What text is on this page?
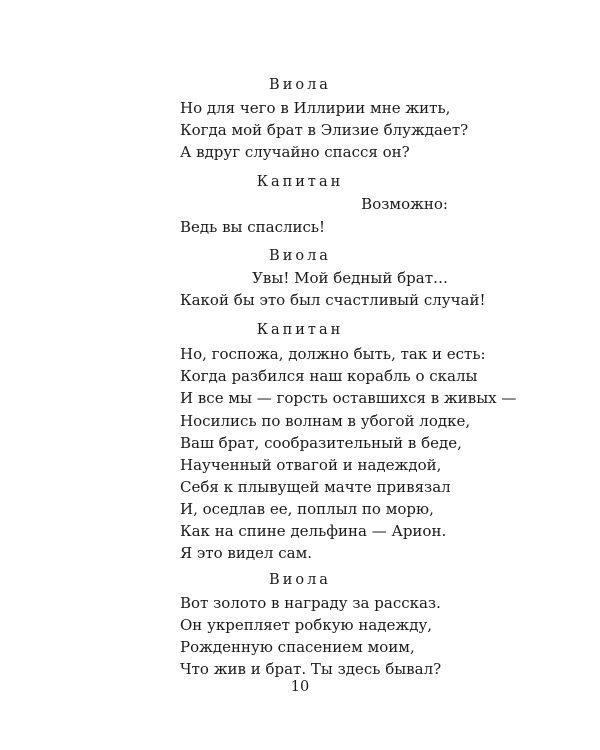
Виола
Но для чего в Иллирии мне жить,
Когда мой брат в Элизие блуждает?
А вдруг случайно спасся он?
Капитан
Возможно:
Ведь вы спаслись!
Виола
Увы! Мой бедный брат…
Какой бы это был счастливый случай!
Капитан
Но, госпожа, должно быть, так и есть:
Когда разбился наш корабль о скалы
И все мы — горсть оставшихся в живых —
Носились по волнам в убогой лодке,
Ваш брат, сообразительный в беде,
Наученный отвагой и надеждой,
Себя к плывущей мачте привязал
И, оседлав ее, поплыл по морю,
Как на спине дельфина — Арион.
Я это видел сам.
Виола
Вот золото в награду за рассказ.
Он укрепляет робкую надежду,
Рожденную спасением моим,
Что жив и брат. Ты здесь бывал?
10
